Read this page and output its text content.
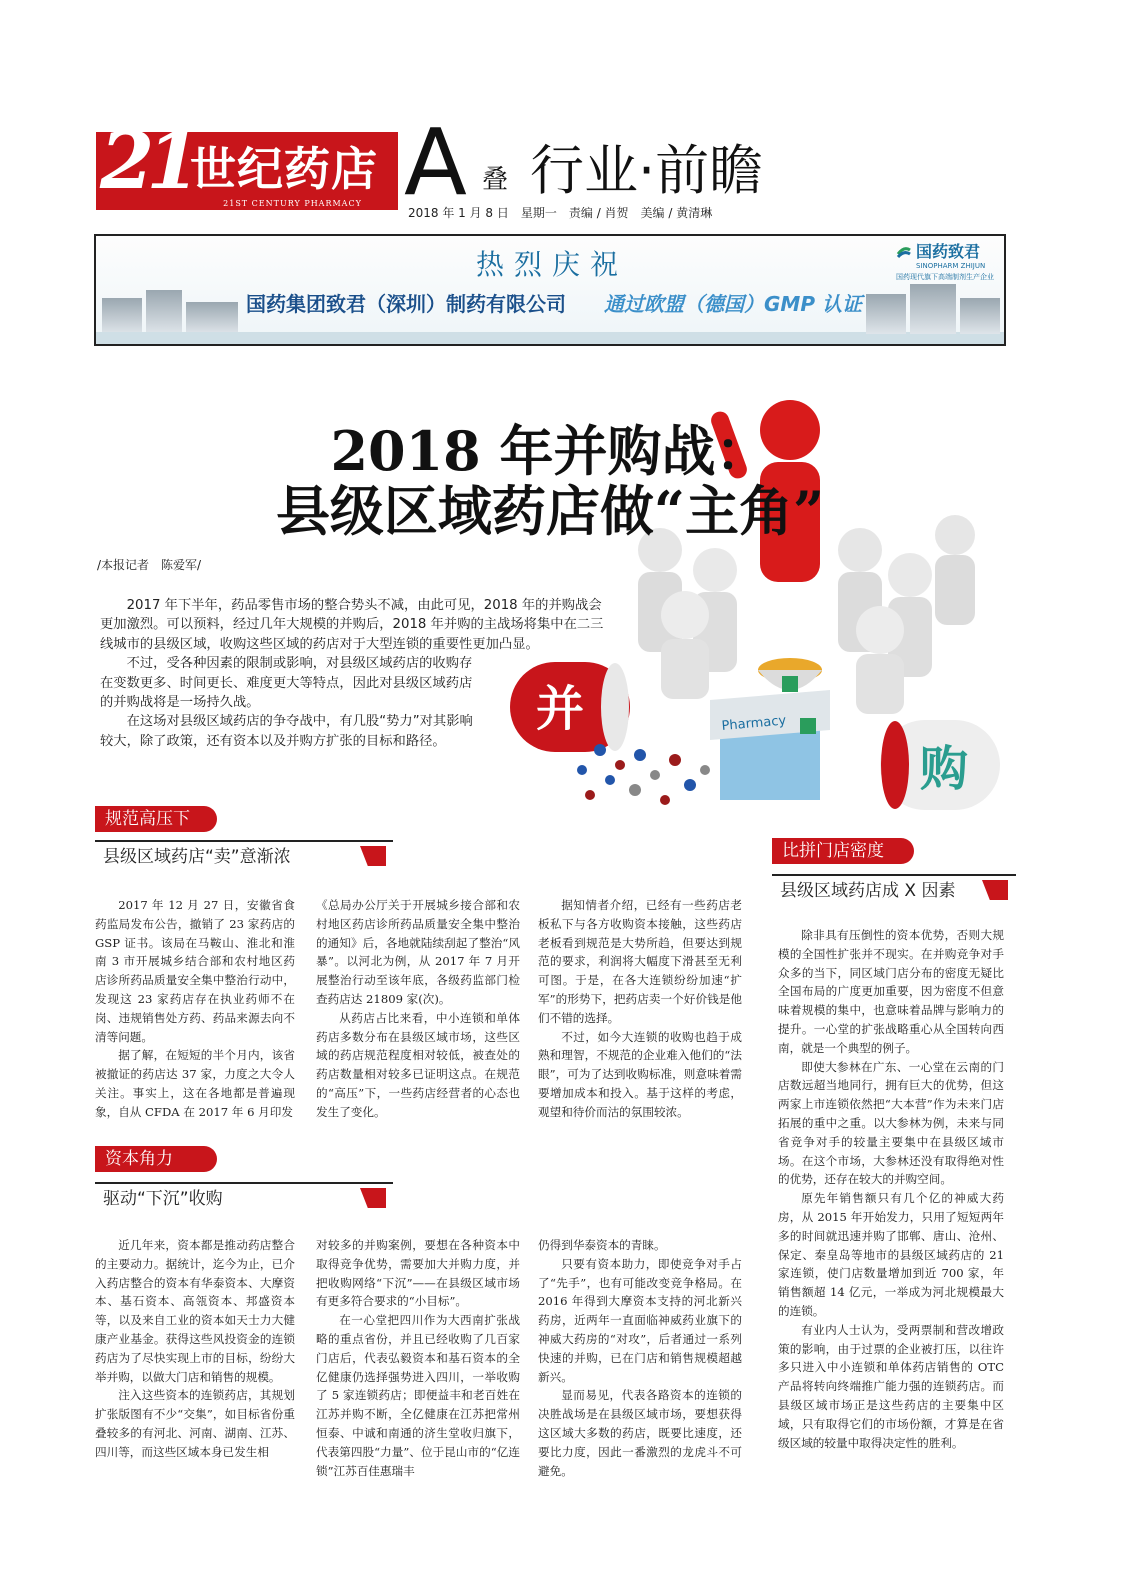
21
世纪药店
21ST CENTURY PHARMACY A 叠 行业·前瞻
2018 年 1 月 8 日　星期一　责编 / 肖贺　美编 / 黄清琳
热烈庆祝
国药集团致君（深圳）制药有限公司	通过欧盟（德国）GMP 认证
国药致君
SINOPHARM ZHIJUN
国药现代旗下高端制剂生产企业
并
购
Pharmacy
2018 年并购战：
县级区域药店做“主角”
/本报记者　陈爱军/

2017 年下半年，药品零售市场的整合势头不减，由此可见，2018 年的并购战会更加激烈。可以预料，经过几年大规模的并购后，2018 年并购的主战场将集中在二三线城市的县级区域，收购这些区域的药店对于大型连锁的重要性更加凸显。

不过，受各种因素的限制或影响，对县级区域药店的收购存在变数更多、时间更长、难度更大等特点，因此对县级区域药店的并购战将是一场持久战。

在这场对县级区域药店的争夺战中，有几股“势力”对其影响较大，除了政策，还有资本以及并购方扩张的目标和路径。

规范高压下
县级区域药店“卖”意渐浓

2017 年 12 月 27 日，安徽省食药监局发布公告，撤销了 23 家药店的 GSP 证书。该局在马鞍山、淮北和淮南 3 市开展城乡结合部和农村地区药店诊所药品质量安全集中整治行动中，发现这 23 家药店存在执业药师不在岗、违规销售处方药、药品来源去向不清等问题。

据了解，在短短的半个月内，该省被撤证的药店达 37 家，力度之大令人关注。事实上，这在各地都是普遍现象，自从 CFDA 在 2017 年 6 月印发

《总局办公厅关于开展城乡接合部和农村地区药店诊所药品质量安全集中整治的通知》后，各地就陆续刮起了整治“风暴”。以河北为例，从 2017 年 7 月开展整治行动至该年底，各级药监部门检查药店达 21809 家(次)。

从药店占比来看，中小连锁和单体药店多数分布在县级区域市场，这些区域的药店规范程度相对较低，被查处的药店数量相对较多已证明这点。在规范的“高压”下，一些药店经营者的心态也发生了变化。

据知情者介绍，已经有一些药店老板私下与各方收购资本接触，这些药店老板看到规范是大势所趋，但要达到规范的要求，利润将大幅度下滑甚至无利可图。于是，在各大连锁纷纷加速“扩军”的形势下，把药店卖一个好价钱是他们不错的选择。

不过，如今大连锁的收购也趋于成熟和理智，不规范的企业难入他们的“法眼”，可为了达到收购标准，则意味着需要增加成本和投入。基于这样的考虑，观望和待价而沽的氛围较浓。

资本角力
驱动“下沉”收购

近几年来，资本都是推动药店整合的主要动力。据统计，迄今为止，已介入药店整合的资本有华泰资本、大摩资本、基石资本、高瓴资本、邦盛资本等，以及来自工业的资本如天士力大健康产业基金。获得这些风投资金的连锁药店为了尽快实现上市的目标，纷纷大举并购，以做大门店和销售的规模。

注入这些资本的连锁药店，其规划扩张版图有不少“交集”，如目标省份重叠较多的有河北、河南、湖南、江苏、四川等，而这些区域本身已发生相

对较多的并购案例，要想在各种资本中取得竞争优势，需要加大并购力度，并把收购网络“下沉”——在县级区域市场有更多符合要求的“小目标”。

在一心堂把四川作为大西南扩张战略的重点省份，并且已经收购了几百家门店后，代表弘毅资本和基石资本的全亿健康仍选择强势进入四川，一举收购了 5 家连锁药店；即便益丰和老百姓在江苏并购不断，全亿健康在江苏把常州恒泰、中诚和南通的济生堂收归旗下，代表第四股“力量”、位于昆山市的“亿连锁”江苏百佳惠瑞丰

仍得到华泰资本的青睐。

只要有资本助力，即使竞争对手占了“先手”，也有可能改变竞争格局。在 2016 年得到大摩资本支持的河北新兴药房，近两年一直面临神威药业旗下的神威大药房的“对攻”，后者通过一系列快速的并购，已在门店和销售规模超越新兴。

显而易见，代表各路资本的连锁的决胜战场是在县级区域市场，要想获得这区域大多数的药店，既要比速度，还要比力度，因此一番激烈的龙虎斗不可避免。

比拼门店密度
县级区域药店成 X 因素

除非具有压倒性的资本优势，否则大规模的全国性扩张并不现实。在并购竞争对手众多的当下，同区域门店分布的密度无疑比全国布局的广度更加重要，因为密度不但意味着规模的集中，也意味着品牌与影响力的提升。一心堂的扩张战略重心从全国转向西南，就是一个典型的例子。

即使大参林在广东、一心堂在云南的门店数远超当地同行，拥有巨大的优势，但这两家上市连锁依然把“大本营”作为未来门店拓展的重中之重。以大参林为例，未来与同省竞争对手的较量主要集中在县级区域市场。在这个市场，大参林还没有取得绝对性的优势，还存在较大的并购空间。

原先年销售额只有几个亿的神威大药房，从 2015 年开始发力，只用了短短两年多的时间就迅速并购了邯郸、唐山、沧州、保定、秦皇岛等地市的县级区域药店的 21 家连锁，使门店数量增加到近 700 家，年销售额超 14 亿元，一举成为河北规模最大的连锁。

有业内人士认为，受两票制和营改增政策的影响，由于过票的企业被打压，以往许多只进入中小连锁和单体药店销售的 OTC 产品将转向终端推广能力强的连锁药店。而县级区域市场正是这些药店的主要集中区域，只有取得它们的市场份额，才算是在省级区域的较量中取得决定性的胜利。
